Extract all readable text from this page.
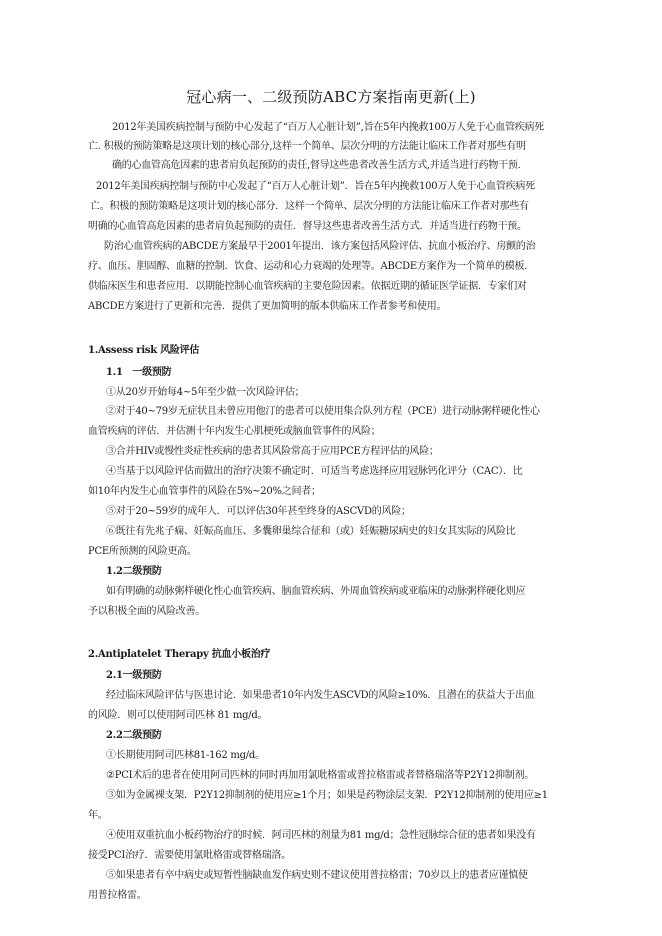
冠心病一、二级预防ABC方案指南更新(上)
2012年美国疾病控制与预防中心发起了“百万人心脏计划”,旨在5年内挽救100万人免于心血管疾病死
亡. 积极的预防策略是这项计划的核心部分,这样一个简单、层次分明的方法能让临床工作者对那些有明
确的心血管高危因素的患者肩负起预防的责任,督导这些患者改善生活方式,并适当进行药物干预.
2012年美国疾病控制与预防中心发起了“百万人心脏计划”．旨在5年内挽救100万人免于心血管疾病死
亡。积极的预防策略是这项计划的核心部分．这样一个简单、层次分明的方法能让临床工作者对那些有
明确的心血管高危因素的患者肩负起预防的责任．督导这些患者改善生活方式．并适当进行药物干预。
防治心血管疾病的ABCDE方案最早于2001年提出．该方案包括风险评估、抗血小板治疗、房颤的治
疗、血压、胆固醇、血糖的控制．饮食、运动和心力衰竭的处理等。ABCDE方案作为一个简单的模板．
供临床医生和患者应用．以期能控制心血管疾病的主要危险因素。依据近期的循证医学证据．专家们对
ABCDE方案进行了更新和完善．提供了更加简明的版本供临床工作者参考和使用。
1.Assess risk 风险评估
1.1　一级预防
①从20岁开始每4~5年至少做一次风险评估；
②对于40~79岁无症状且未曾应用他汀的患者可以使用集合队列方程（PCE）进行动脉粥样硬化性心
血管疾病的评估．并估测十年内发生心肌梗死或脑血管事件的风险；
③合并HIV或慢性炎症性疾病的患者其风险常高于应用PCE方程评估的风险；
④当基于以风险评估而做出的治疗决策不确定时．可适当考虑选择应用冠脉钙化评分（CAC）．比
如10年内发生心血管事件的风险在5%~20%之间者；
⑤对于20~59岁的成年人．可以评估30年甚至终身的ASCVD的风险；
⑥既往有先兆子痫、妊娠高血压、多囊卵巢综合征和（或）妊娠糖尿病史的妇女其实际的风险比
PCE所预测的风险更高。
1.2二级预防
如有明确的动脉粥样硬化性心血管疾病、脑血管疾病、外周血管疾病或亚临床的动脉粥样硬化则应
予以积极全面的风险改善。
2.Antiplatelet Therapy 抗血小板治疗
2.1一级预防
经过临床风险评估与医患讨论．如果患者10年内发生ASCVD的风险≥10%．且潜在的获益大于出血
的风险．则可以使用阿司匹林 81 mg/d。
2.2二级预防
①长期使用阿司匹林81-162 mg/d。
②PCI术后的患者在使用阿司匹林的同时再加用氯吡格雷或普拉格雷或者替格瑞洛等P2Y12抑制剂。
③如为金属裸支架．P2Y12抑制剂的使用应≥1个月；如果是药物涂层支架．P2Y12抑制剂的使用应≥1
年。
④使用双重抗血小板药物治疗的时候．阿司匹林的剂量为81 mg/d；急性冠脉综合征的患者如果没有
接受PCI治疗．需要使用氯吡格雷或替格瑞洛。
⑤如果患者有卒中病史或短暂性脑缺血发作病史则不建议使用普拉格雷；70岁以上的患者应谨慎使
用普拉格雷。
